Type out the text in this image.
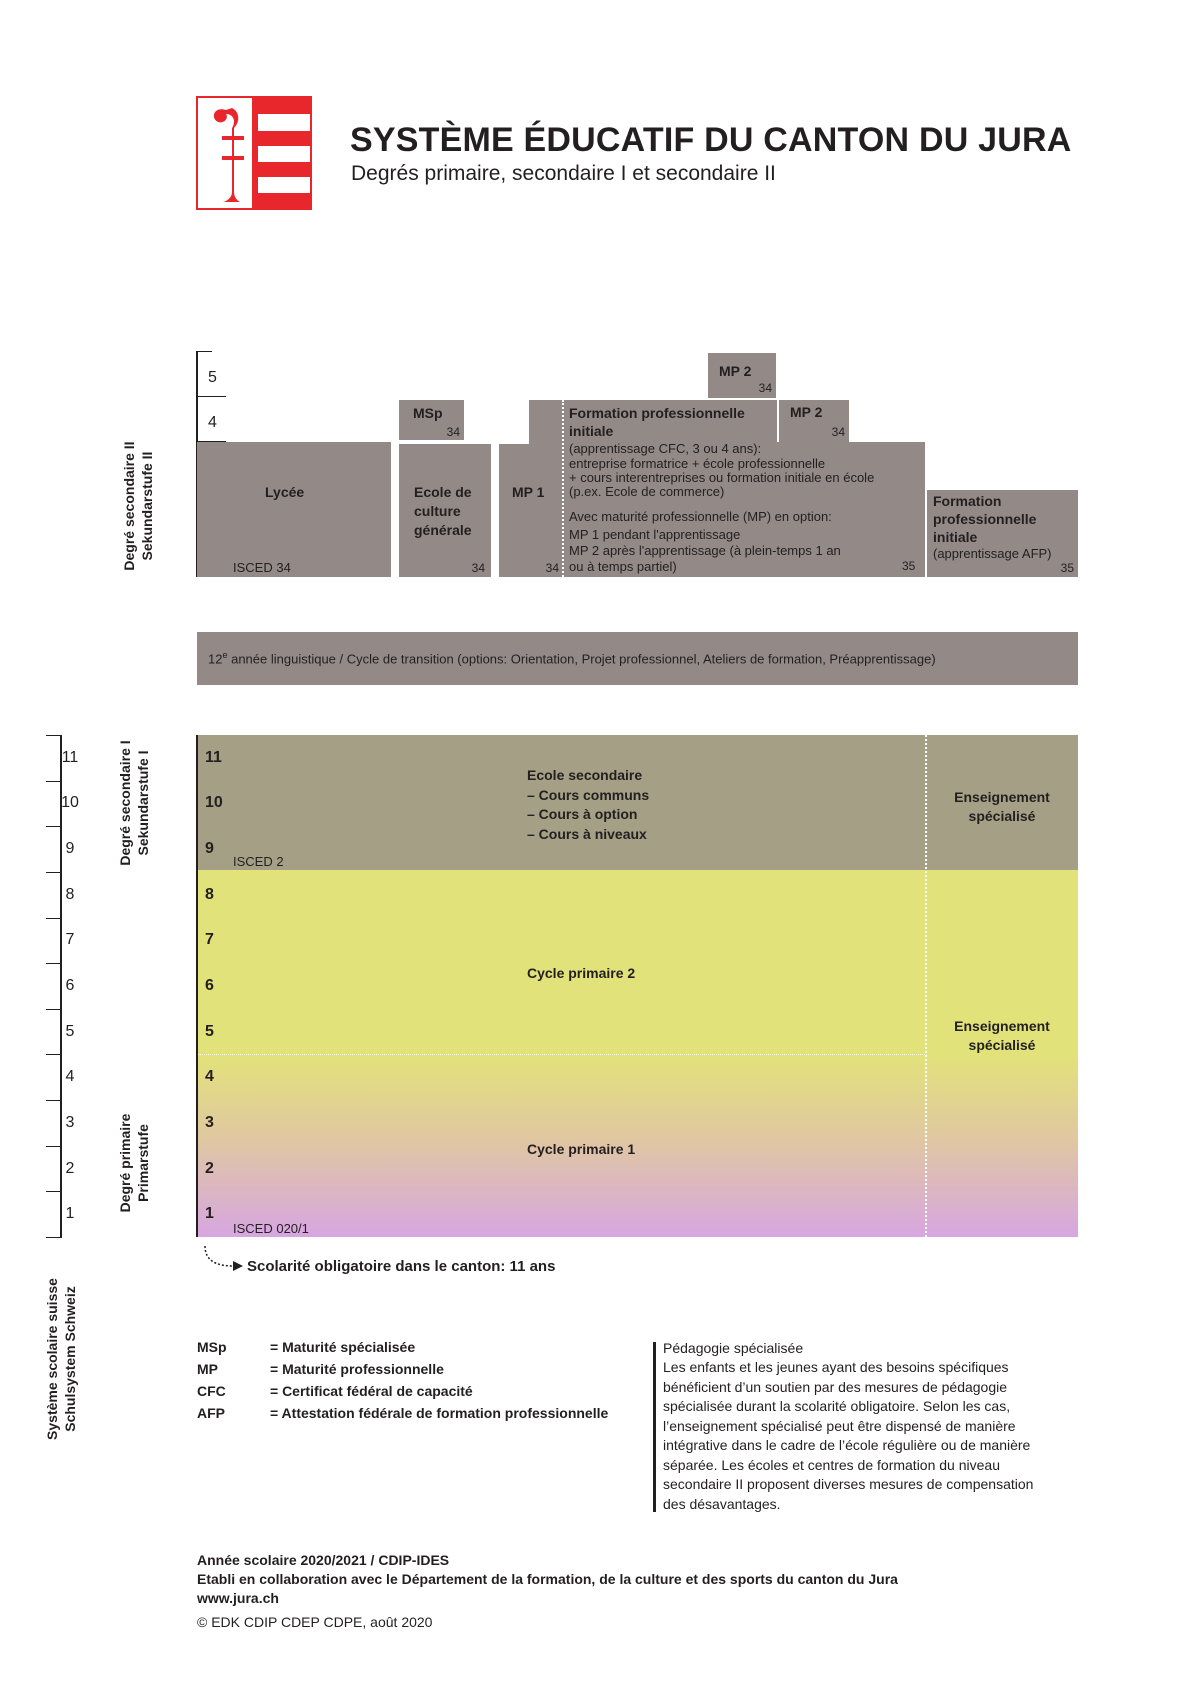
SYSTÈME ÉDUCATIF DU CANTON DU JURA
Degrés primaire, secondaire I et secondaire II
Degré secondaire II Sekundarstufe II
5
4
Lycée
ISCED 34
MSp
34
Ecole de
culture
générale
34
MP 1
34
Formation professionnelle
initiale
(apprentissage CFC, 3 ou 4 ans):
entreprise formatrice + école professionnelle
+ cours interentreprises ou formation initiale en école
(p.ex. Ecole de commerce)
Avec maturité professionnelle (MP) en option:
MP 1 pendant l'apprentissage
MP 2 après l'apprentissage (à plein-temps 1 an
ou à temps partiel)	35
MP 2
34
MP 2
34
Formation
professionnelle
initiale
(apprentissage AFP)
35
12e année linguistique / Cycle de transition (options: Orientation, Projet professionnel, Ateliers de formation, Préapprentissage)
11
10
9
8
7
6
5
4
3
2
1
Degré secondaire I Sekundarstufe I
Degré primaire Primarstufe
Système scolaire suisse Schulsystem Schweiz
11
10
9
8
7
6
5
4
3
2
1
Ecole secondaire
– Cours communs
– Cours à option
– Cours à niveaux
ISCED 2
Cycle primaire 2
Cycle primaire 1
ISCED 020/1
Enseignement
spécialisé
Enseignement
spécialisé
Scolarité obligatoire dans le canton: 11 ans
MSp	= Maturité spécialisée
MP	= Maturité professionnelle
CFC	= Certificat fédéral de capacité
AFP	= Attestation fédérale de formation professionnelle
Pédagogie spécialisée
Les enfants et les jeunes ayant des besoins spécifiques
bénéficient d’un soutien par des mesures de pédagogie
spécialisée durant la scolarité obligatoire. Selon les cas,
l’enseignement spécialisé peut être dispensé de manière
intégrative dans le cadre de l’école régulière ou de manière
séparée. Les écoles et centres de formation du niveau
secondaire II proposent diverses mesures de compensation
des désavantages.
Année scolaire 2020/2021 / CDIP-IDES
Etabli en collaboration avec le Département de la formation, de la culture et des sports du canton du Jura
www.jura.ch
© EDK CDIP CDEP CDPE, août 2020
